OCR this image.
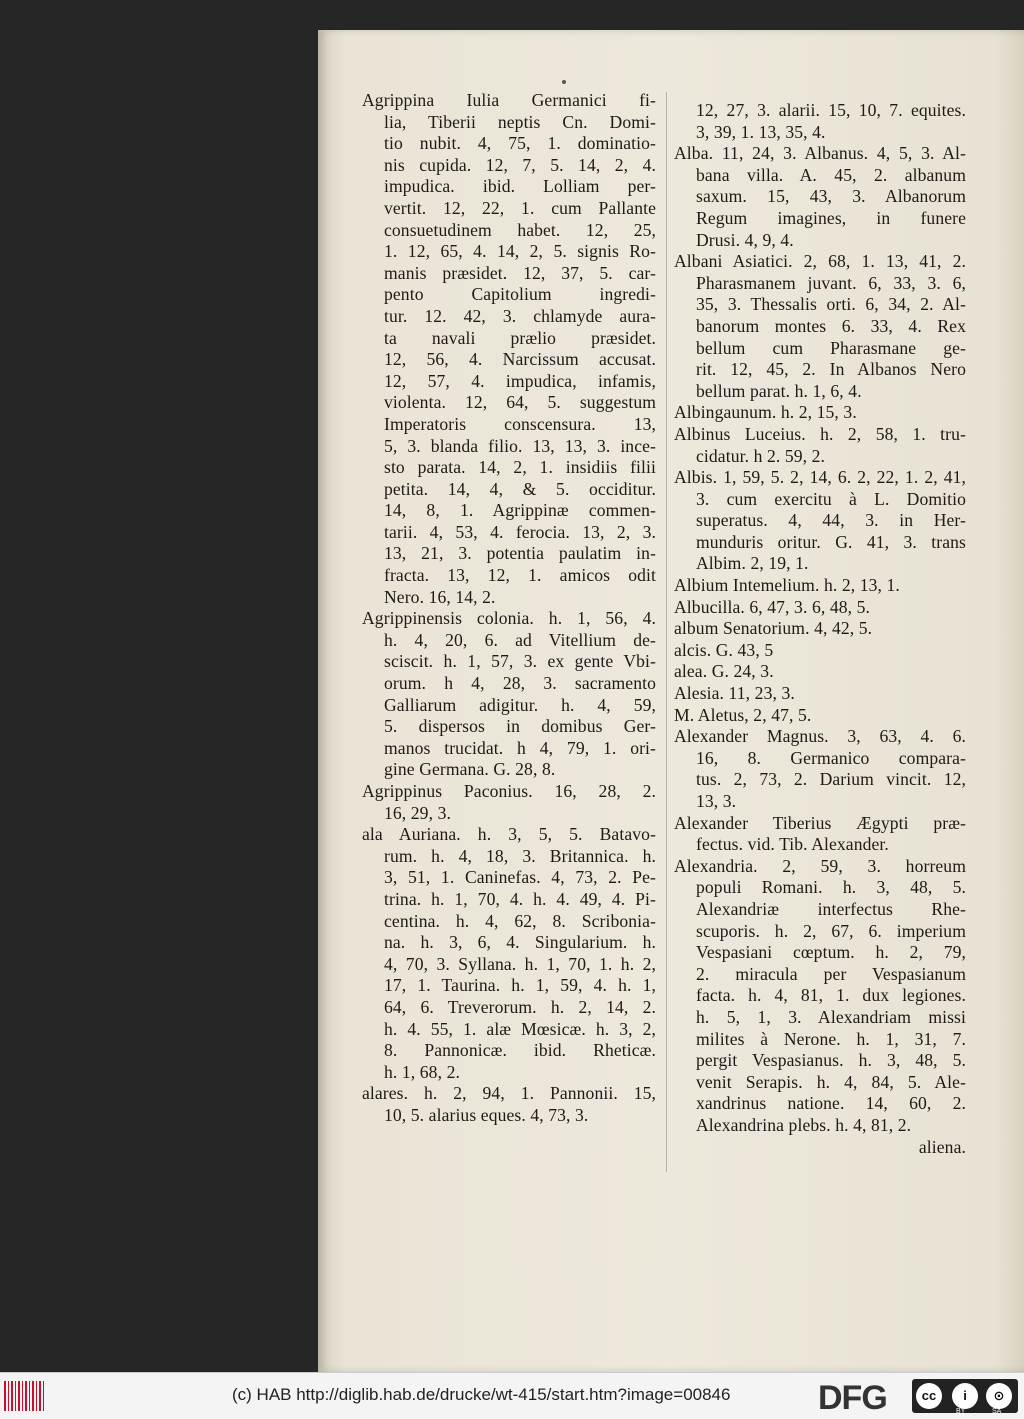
Agrippina Iulia Germanici fi-
lia, Tiberii neptis Cn. Domi-
tio nubit. 4, 75, 1. dominatio-
nis cupida. 12, 7, 5. 14, 2, 4.
impudica. ibid. Lolliam per-
vertit. 12, 22, 1. cum Pallante
consuetudinem habet. 12, 25,
1. 12, 65, 4. 14, 2, 5. signis Ro-
manis præsidet. 12, 37, 5. car-
pento Capitolium ingredi-
tur. 12. 42, 3. chlamyde aura-
ta navali prælio præsidet.
12, 56, 4. Narcissum accusat.
12, 57, 4. impudica, infamis,
violenta. 12, 64, 5. suggestum
Imperatoris conscensura. 13,
5, 3. blanda filio. 13, 13, 3. ince-
sto parata. 14, 2, 1. insidiis filii
petita. 14, 4, & 5. occiditur.
14, 8, 1. Agrippinæ commen-
tarii. 4, 53, 4. ferocia. 13, 2, 3.
13, 21, 3. potentia paulatim in-
fracta. 13, 12, 1. amicos odit
Nero. 16, 14, 2.
Agrippinensis colonia. h. 1, 56, 4.
h. 4, 20, 6. ad Vitellium de-
sciscit. h. 1, 57, 3. ex gente Vbi-
orum. h 4, 28, 3. sacramento
Galliarum adigitur. h. 4, 59,
5. dispersos in domibus Ger-
manos trucidat. h 4, 79, 1. ori-
gine Germana. G. 28, 8.
Agrippinus Paconius. 16, 28, 2.
16, 29, 3.
ala Auriana. h. 3, 5, 5. Batavo-
rum. h. 4, 18, 3. Britannica. h.
3, 51, 1. Caninefas. 4, 73, 2. Pe-
trina. h. 1, 70, 4. h. 4. 49, 4. Pi-
centina. h. 4, 62, 8. Scribonia-
na. h. 3, 6, 4. Singularium. h.
4, 70, 3. Syllana. h. 1, 70, 1. h. 2,
17, 1. Taurina. h. 1, 59, 4. h. 1,
64, 6. Treverorum. h. 2, 14, 2.
h. 4. 55, 1. alæ Mœsicæ. h. 3, 2,
8. Pannonicæ. ibid. Rheticæ.
h. 1, 68, 2.
alares. h. 2, 94, 1. Pannonii. 15,
10, 5. alarius eques. 4, 73, 3.
12, 27, 3. alarii. 15, 10, 7. equites.
3, 39, 1. 13, 35, 4.
Alba. 11, 24, 3. Albanus. 4, 5, 3. Al-
bana villa. A. 45, 2. albanum
saxum. 15, 43, 3. Albanorum
Regum imagines, in funere
Drusi. 4, 9, 4.
Albani Asiatici. 2, 68, 1. 13, 41, 2.
Pharasmanem juvant. 6, 33, 3. 6,
35, 3. Thessalis orti. 6, 34, 2. Al-
banorum montes 6. 33, 4. Rex
bellum cum Pharasmane ge-
rit. 12, 45, 2. In Albanos Nero
bellum parat. h. 1, 6, 4.
Albingaunum. h. 2, 15, 3.
Albinus Luceius. h. 2, 58, 1. tru-
cidatur. h 2. 59, 2.
Albis. 1, 59, 5. 2, 14, 6. 2, 22, 1. 2, 41,
3. cum exercitu à L. Domitio
superatus. 4, 44, 3. in Her-
munduris oritur. G. 41, 3. trans
Albim. 2, 19, 1.
Albium Intemelium. h. 2, 13, 1.
Albucilla. 6, 47, 3. 6, 48, 5.
album Senatorium. 4, 42, 5.
alcis. G. 43, 5
alea. G. 24, 3.
Alesia. 11, 23, 3.
M. Aletus, 2, 47, 5.
Alexander Magnus. 3, 63, 4. 6.
16, 8. Germanico compara-
tus. 2, 73, 2. Darium vincit. 12,
13, 3.
Alexander Tiberius Ægypti præ-
fectus. vid. Tib. Alexander.
Alexandria. 2, 59, 3. horreum
populi Romani. h. 3, 48, 5.
Alexandriæ interfectus Rhe-
scuporis. h. 2, 67, 6. imperium
Vespasiani cœptum. h. 2, 79,
2. miracula per Vespasianum
facta. h. 4, 81, 1. dux legiones.
h. 5, 1, 3. Alexandriam missi
milites à Nerone. h. 1, 31, 7.
pergit Vespasianus. h. 3, 48, 5.
venit Serapis. h. 4, 84, 5. Ale-
xandrinus natione. 14, 60, 2.
Alexandrina plebs. h. 4, 81, 2.
aliena.
(c) HAB http://diglib.hab.de/drucke/wt-415/start.htm?image=00846	DFG	cc	i	⊙
BY	SA
